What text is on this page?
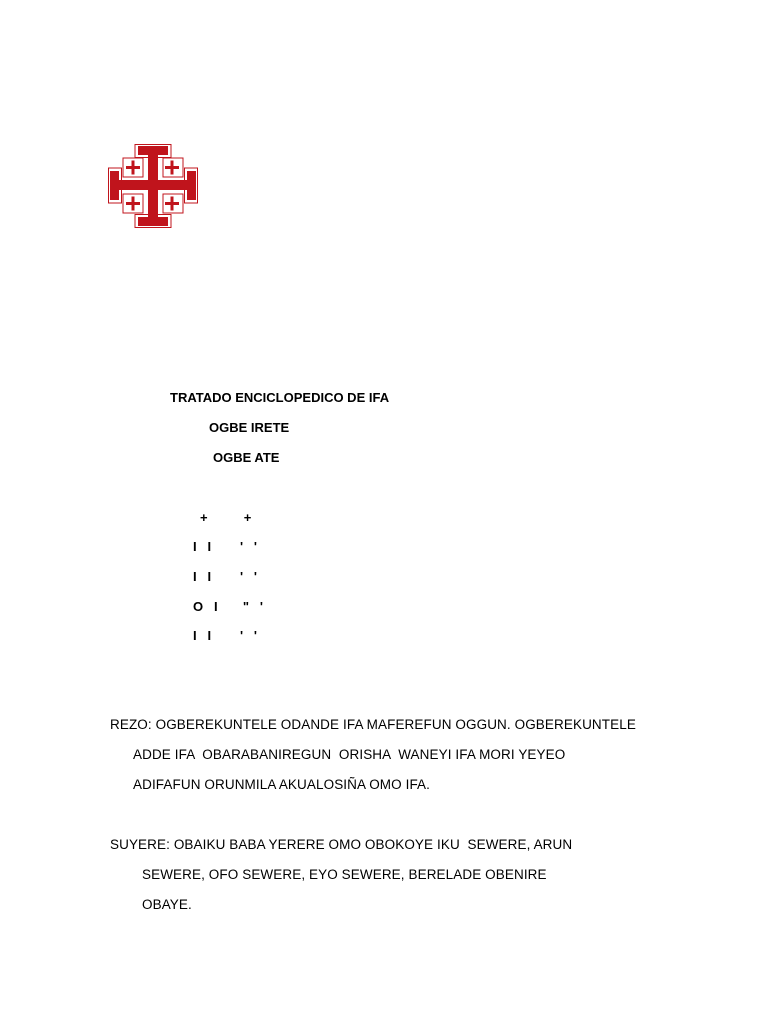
TRATADO ENCICLOPEDICO DE IFA
OGBE IRETE
OGBE ATE
+          +
I   I        '   '
I   I        '   '
O   I       "   '
I   I        '   '
REZO: OGBEREKUNTELE ODANDE IFA MAFEREFUN OGGUN. OGBEREKUNTELE
ADDE IFA  OBARABANIREGUN  ORISHA  WANEYI IFA MORI YEYEO
ADIFAFUN ORUNMILA AKUALOSIÑA OMO IFA.
SUYERE: OBAIKU BABA YERERE OMO OBOKOYE IKU  SEWERE, ARUN
SEWERE, OFO SEWERE, EYO SEWERE, BERELADE OBENIRE
OBAYE.
